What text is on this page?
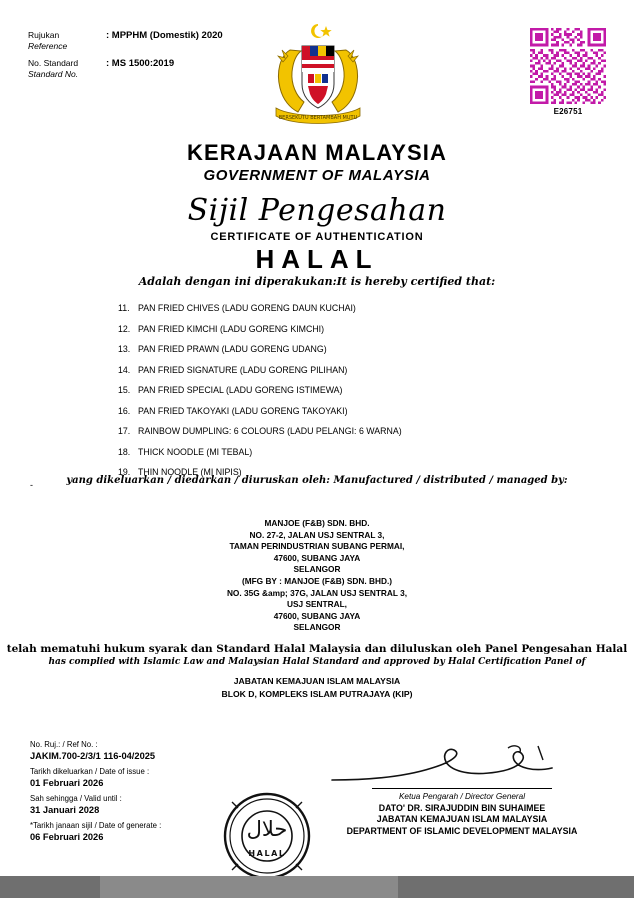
Rujukan
Reference
: MPPHM (Domestik) 2020
No. Standard
Standard No.
: MS 1500:2019
BERSEKUTU BERTAMBAH MUTU
E26751
KERAJAAN MALAYSIA
GOVERNMENT OF MALAYSIA
Sijil Pengesahan
CERTIFICATE OF AUTHENTICATION
HALAL
Adalah dengan ini diperakukan:It is hereby certified that:
11. PAN FRIED CHIVES (LADU GORENG DAUN KUCHAI)
12. PAN FRIED KIMCHI (LADU GORENG KIMCHI)
13. PAN FRIED PRAWN (LADU GORENG UDANG)
14. PAN FRIED SIGNATURE (LADU GORENG PILIHAN)
15. PAN FRIED SPECIAL (LADU GORENG ISTIMEWA)
16. PAN FRIED TAKOYAKI (LADU GORENG TAKOYAKI)
17. RAINBOW DUMPLING: 6 COLOURS (LADU PELANGI: 6 WARNA)
18. THICK NOODLE (MI TEBAL)
19. THIN NOODLE (MI NIPIS)
-	yang dikeluarkan / diedarkan / diuruskan oleh: Manufactured / distributed / managed by:
MANJOE (F&B) SDN. BHD.
NO. 27-2, JALAN USJ SENTRAL 3,
TAMAN PERINDUSTRIAN SUBANG PERMAI,
47600, SUBANG JAYA
SELANGOR
(MFG BY : MANJOE (F&B) SDN. BHD.)
NO. 35G &amp; 37G, JALAN USJ SENTRAL 3,
USJ SENTRAL,
47600, SUBANG JAYA
SELANGOR
telah mematuhi hukum syarak dan Standard Halal Malaysia dan diluluskan oleh Panel Pengesahan Halal
has complied with Islamic Law and Malaysian Halal Standard and approved by Halal Certification Panel of
JABATAN KEMAJUAN ISLAM MALAYSIA
BLOK D, KOMPLEKS ISLAM PUTRAJAYA (KIP)
No. Ruj.: / Ref No. :
JAKIM.700-2/3/1 116-04/2025
Tarikh dikeluarkan / Date of issue :
01 Februari 2026
Sah sehingga / Valid until :
31 Januari 2028
*Tarikh janaan sijil / Date of generate :
06 Februari 2026
Ketua Pengarah / Director General
DATO' DR. SIRAJUDDIN BIN SUHAIMEE
JABATAN KEMAJUAN ISLAM MALAYSIA
DEPARTMENT OF ISLAMIC DEVELOPMENT MALAYSIA
حلال
HALAL
